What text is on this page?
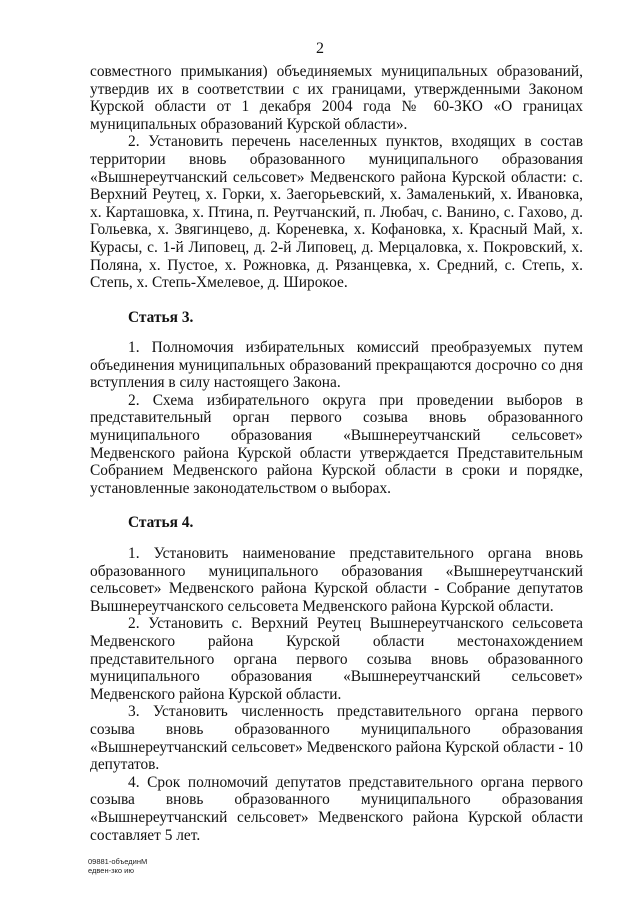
2

совместного примыкания) объединяемых муниципальных образований, утвердив их в соответствии с их границами, утвержденными Законом Курской области от 1 декабря 2004 года № 60-ЗКО «О границах муниципальных образований Курской области».

2. Установить перечень населенных пунктов, входящих в состав территории вновь образованного муниципального образования «Вышнереутчанский сельсовет» Медвенского района Курской области: с. Верхний Реутец, х. Горки, х. Заегорьевский, х. Замаленький, х. Ивановка, х. Карташовка, х. Птина, п. Реутчанский, п. Любач, с. Ванино, с. Гахово, д. Гольевка, х. Звягинцево, д. Кореневка, х. Кофановка, х. Красный Май, х. Курасы, с. 1-й Липовец, д. 2-й Липовец, д. Мерцаловка, х. Покровский, х. Поляна, х. Пустое, х. Рожновка, д. Рязанцевка, х. Средний, с. Степь, х. Степь, х. Степь-Хмелевое, д. Широкое.

Статья 3.

1. Полномочия избирательных комиссий преобразуемых путем объединения муниципальных образований прекращаются досрочно со дня вступления в силу настоящего Закона.

2. Схема избирательного округа при проведении выборов в представительный орган первого созыва вновь образованного муниципального образования «Вышнереутчанский сельсовет» Медвенского района Курской области утверждается Представительным Собранием Медвенского района Курской области в сроки и порядке, установленные законодательством о выборах.

Статья 4.

1. Установить наименование представительного органа вновь образованного муниципального образования «Вышнереутчанский сельсовет» Медвенского района Курской области - Собрание депутатов Вышнереутчанского сельсовета Медвенского района Курской области.

2. Установить с. Верхний Реутец Вышнереутчанского сельсовета Медвенского района Курской области местонахождением представительного органа первого созыва вновь образованного муниципального образования «Вышнереутчанский сельсовет» Медвенского района Курской области.

3. Установить численность представительного органа первого созыва вновь образованного муниципального образования «Вышнереутчанский сельсовет» Медвенского района Курской области - 10 депутатов.

4. Срок полномочий депутатов представительного органа первого созыва вновь образованного муниципального образования «Вышнереутчанский сельсовет» Медвенского района Курской области составляет 5 лет.

09881-объединМедвен-зко ию
